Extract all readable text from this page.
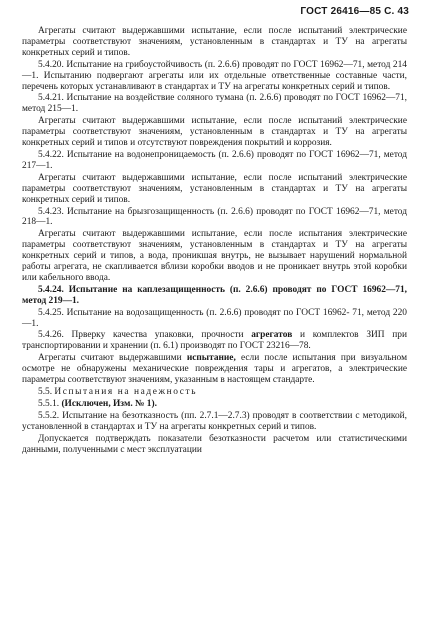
ГОСТ 26416—85 С. 43

Агрегаты считают выдержавшими испытание, если после испытаний электрические параметры соответствуют значениям, установленным в стандартах и ТУ на агрегаты конкретных серий и типов.

5.4.20. Испытание на грибоустойчивость (п. 2.6.6) проводят по ГОСТ 16962—71, метод 214—1. Испытанию подвергают агрегаты или их отдельные ответственные составные части, перечень которых устанавливают в стандартах и ТУ на агрегаты конкретных серий и типов.

5.4.21. Испытание на воздействие соляного тумана (п. 2.6.6) проводят по ГОСТ 16962—71, метод 215—1.

Агрегаты считают выдержавшими испытание, если после испытаний электрические параметры соответствуют значениям, установленным в стандартах и ТУ на агрегаты конкретных серий и типов и отсутствуют повреждения покрытий и коррозия.

5.4.22. Испытание на водонепроницаемость (п. 2.6.6) проводят по ГОСТ 16962—71, метод 217—1.

Агрегаты считают выдержавшими испытание, если после испытаний электрические параметры соответствуют значениям, установленным в стандартах и ТУ на агрегаты конкретных серий и типов.

5.4.23. Испытание на брызгозащищенность (п. 2.6.6) проводят по ГОСТ 16962—71, метод 218—1.

Агрегаты считают выдержавшими испытание, если после испытания электрические параметры соответствуют значениям, установленным в стандартах и ТУ на агрегаты конкретных серий и типов, а вода, проникшая внутрь, не вызывает нарушений нормальной работы агрегата, не скапливается вблизи коробки вводов и не проникает внутрь этой коробки или кабельного ввода.

5.4.24. Испытание на каплезащищенность (п. 2.6.6) проводят по ГОСТ 16962—71, метод 219—1.

5.4.25. Испытание на водозащищенность (п. 2.6.6) проводят по ГОСТ 16962- 71, метод 220—1.

5.4.26. Прверку качества упаковки, прочности агрегатов и комплектов ЗИП при транспортировании и хранении (п. 6.1) производят по ГОСТ 23216—78.

Агрегаты считают выдержавшими испытание, если после испытания при визуальном осмотре не обнаружены механические повреждения тары и агрегатов, а электрические параметры соответствуют значениям, указанным в настоящем стандарте.

5.5. Испытания на надежность

5.5.1. (Исключен, Изм. № 1).

5.5.2. Испытание на безотказность (пп. 2.7.1—2.7.3) проводят в соответствии с методикой, установленной в стандартах и ТУ на агрегаты конкретных серий и типов.

Допускается подтверждать показатели безотказности расчетом или статистическими данными, полученными с мест эксплуатации
